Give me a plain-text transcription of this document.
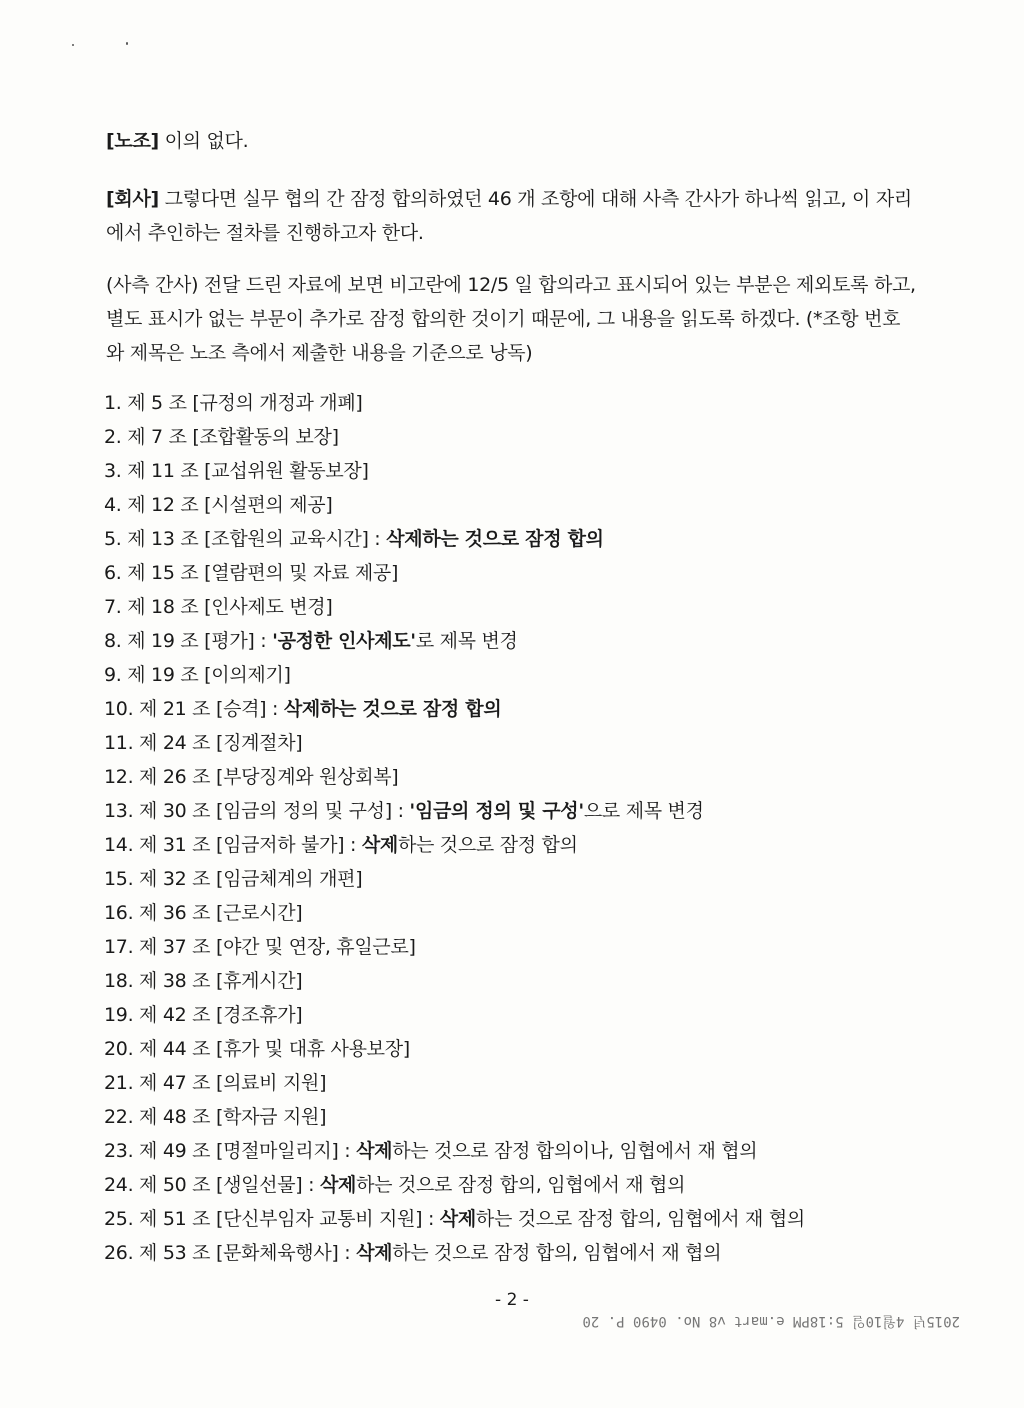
[노조] 이의 없다.

[회사] 그렇다면 실무 협의 간 잠정 합의하였던 46 개 조항에 대해 사측 간사가 하나씩 읽고, 이 자리에서 추인하는 절차를 진행하고자 한다.

(사측 간사) 전달 드린 자료에 보면 비고란에 12/5 일 합의라고 표시되어 있는 부분은 제외토록 하고, 별도 표시가 없는 부문이 추가로 잠정 합의한 것이기 때문에, 그 내용을 읽도록 하겠다. (*조항 번호와 제목은 노조 측에서 제출한 내용을 기준으로 낭독)

1. 제 5 조 [규정의 개정과 개폐]
2. 제 7 조 [조합활동의 보장]
3. 제 11 조 [교섭위원 활동보장]
4. 제 12 조 [시설편의 제공]
5. 제 13 조 [조합원의 교육시간] : 삭제하는 것으로 잠정 합의
6. 제 15 조 [열람편의 및 자료 제공]
7. 제 18 조 [인사제도 변경]
8. 제 19 조 [평가] : '공정한 인사제도'로 제목 변경
9. 제 19 조 [이의제기]
10. 제 21 조 [승격] : 삭제하는 것으로 잠정 합의
11. 제 24 조 [징계절차]
12. 제 26 조 [부당징계와 원상회복]
13. 제 30 조 [임금의 정의 및 구성] : '임금의 정의 및 구성'으로 제목 변경
14. 제 31 조 [임금저하 불가] : 삭제하는 것으로 잠정 합의
15. 제 32 조 [임금체계의 개편]
16. 제 36 조 [근로시간]
17. 제 37 조 [야간 및 연장, 휴일근로]
18. 제 38 조 [휴게시간]
19. 제 42 조 [경조휴가]
20. 제 44 조 [휴가 및 대휴 사용보장]
21. 제 47 조 [의료비 지원]
22. 제 48 조 [학자금 지원]
23. 제 49 조 [명절마일리지] : 삭제하는 것으로 잠정 합의이나, 임협에서 재 협의
24. 제 50 조 [생일선물] : 삭제하는 것으로 잠정 합의, 임협에서 재 협의
25. 제 51 조 [단신부임자 교통비 지원] : 삭제하는 것으로 잠정 합의, 임협에서 재 협의
26. 제 53 조 [문화체육행사] : 삭제하는 것으로 잠정 합의, 임협에서 재 협의
- 2 -
2015년 4월10일 5:18PM e.mart ⅴ8 No. 0490 P. 20
